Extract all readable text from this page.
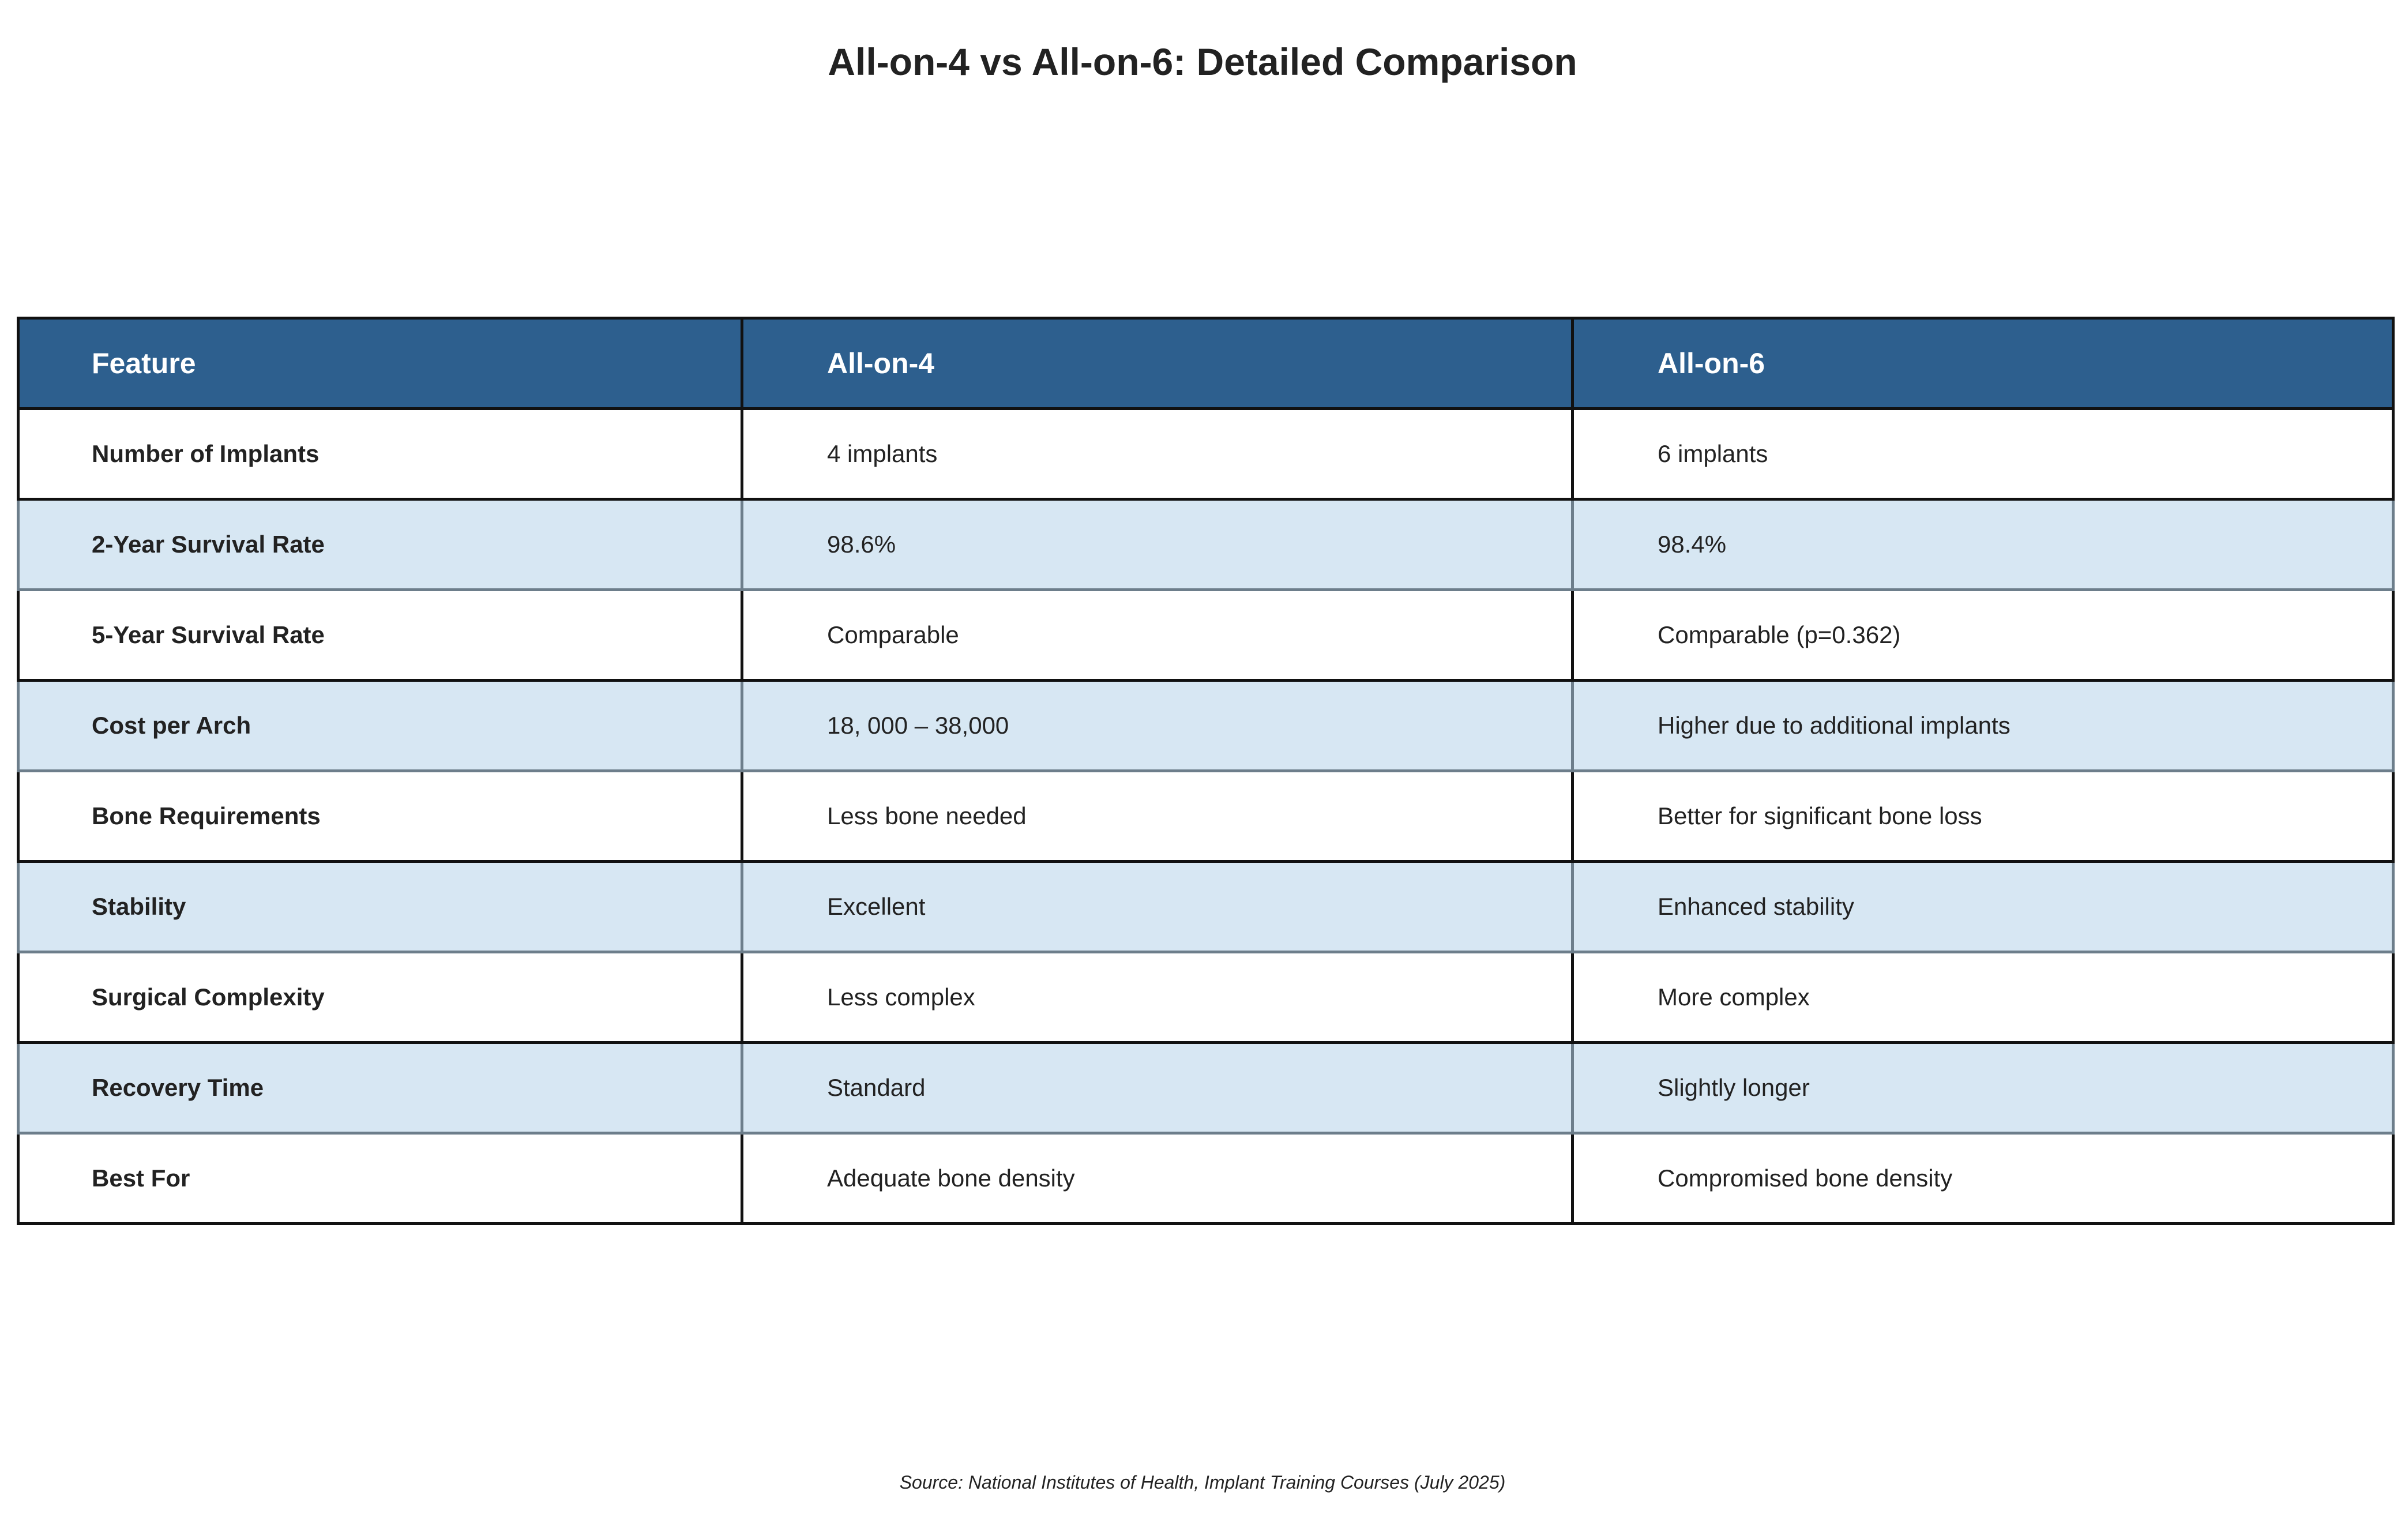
All-on-4 vs All-on-6: Detailed Comparison
Feature	All-on-4	All-on-6
Number of Implants	4 implants	6 implants
2-Year Survival Rate	98.6%	98.4%
5-Year Survival Rate	Comparable	Comparable (p=0.362)
Cost per Arch	18, 000 – 38,000	Higher due to additional implants
Bone Requirements	Less bone needed	Better for significant bone loss
Stability	Excellent	Enhanced stability
Surgical Complexity	Less complex	More complex
Recovery Time	Standard	Slightly longer
Best For	Adequate bone density	Compromised bone density
Source: National Institutes of Health, Implant Training Courses (July 2025)
